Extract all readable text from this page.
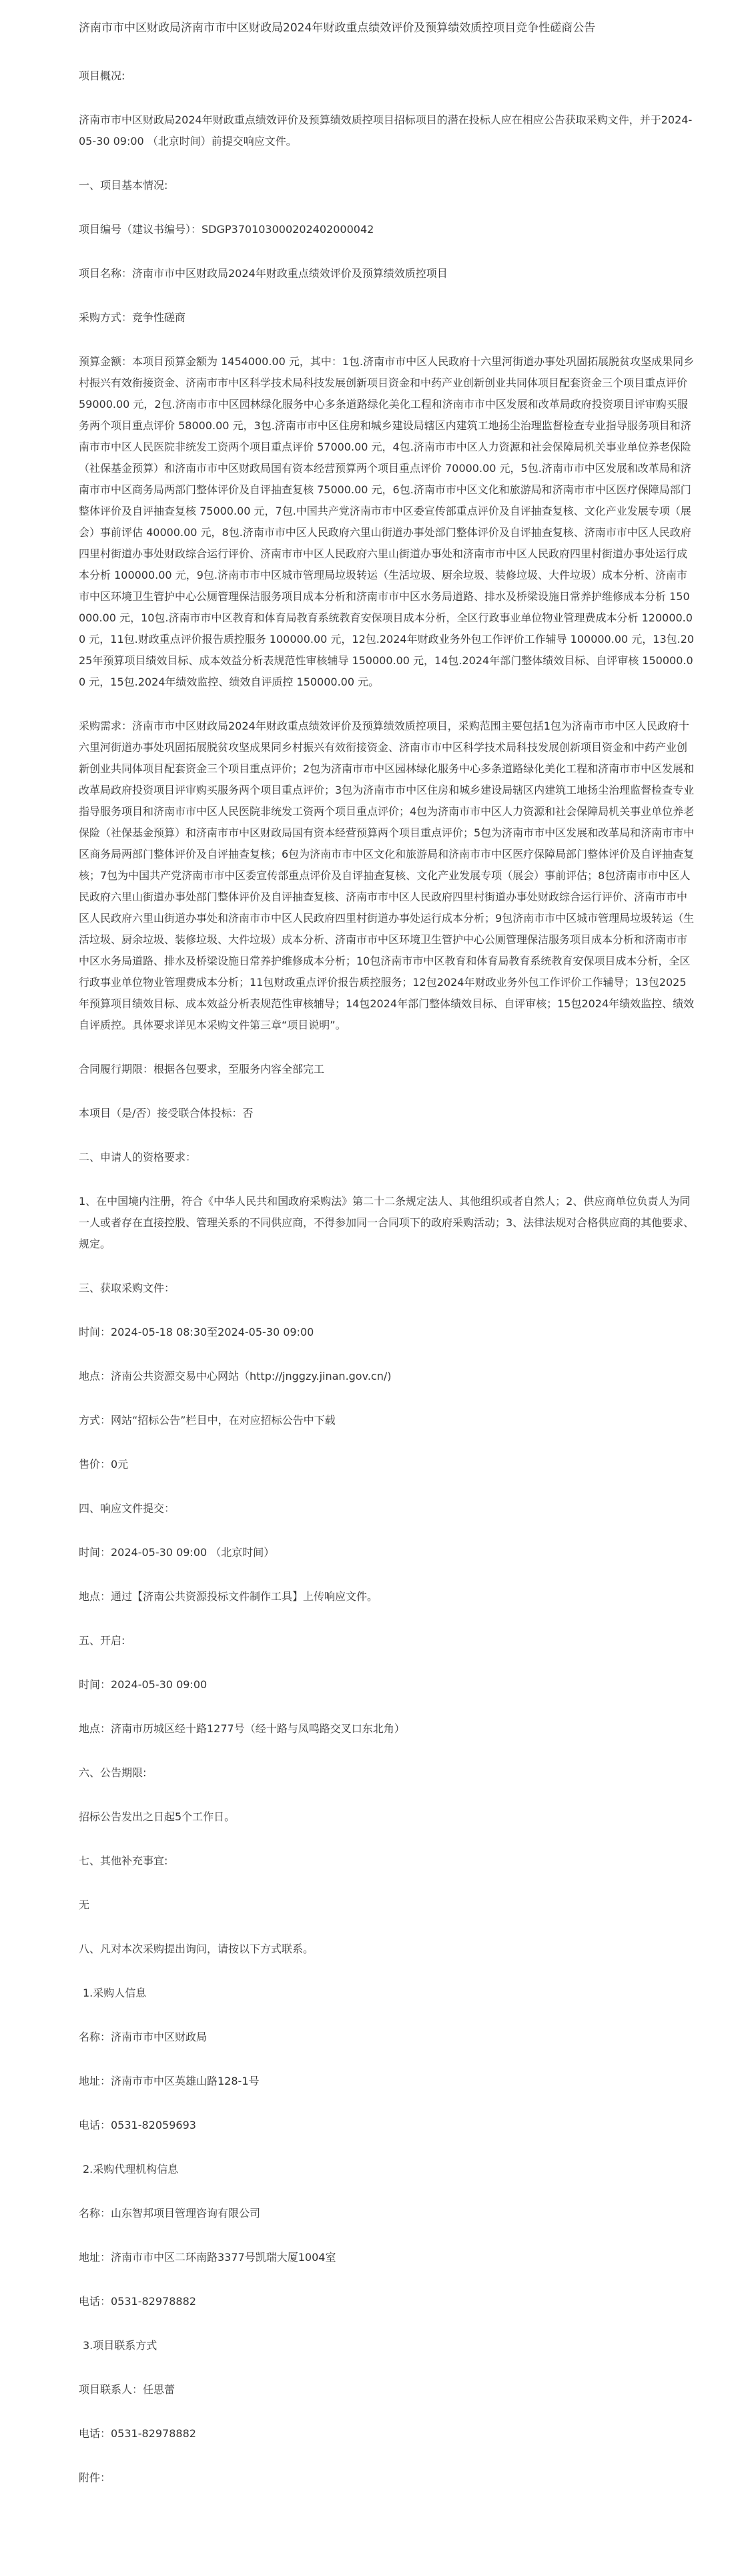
济南市市中区财政局济南市市中区财政局2024年财政重点绩效评价及预算绩效质控项目竞争性磋商公告

项目概况:

济南市市中区财政局2024年财政重点绩效评价及预算绩效质控项目招标项目的潜在投标人应在相应公告获取采购文件，并于2024-05-30 09:00 （北京时间）前提交响应文件。

一、项目基本情况:

项目编号（建议书编号）：SDGP370103000202402000042

项目名称：济南市市中区财政局2024年财政重点绩效评价及预算绩效质控项目

采购方式：竞争性磋商

预算金额：本项目预算金额为 1454000.00 元，其中：1包.济南市市中区人民政府十六里河街道办事处巩固拓展脱贫攻坚成果同乡村振兴有效衔接资金、济南市市中区科学技术局科技发展创新项目资金和中药产业创新创业共同体项目配套资金三个项目重点评价 59000.00 元，2包.济南市市中区园林绿化服务中心多条道路绿化美化工程和济南市市中区发展和改革局政府投资项目评审购买服务两个项目重点评价 58000.00 元，3包.济南市市中区住房和城乡建设局辖区内建筑工地扬尘治理监督检查专业指导服务项目和济南市市中区人民医院非统发工资两个项目重点评价 57000.00 元，4包.济南市市中区人力资源和社会保障局机关事业单位养老保险（社保基金预算）和济南市市中区财政局国有资本经营预算两个项目重点评价 70000.00 元，5包.济南市市中区发展和改革局和济南市市中区商务局两部门整体评价及自评抽查复核 75000.00 元，6包.济南市市中区文化和旅游局和济南市市中区医疗保障局部门整体评价及自评抽查复核 75000.00 元，7包.中国共产党济南市市中区委宣传部重点评价及自评抽查复核、文化产业发展专项（展会）事前评估 40000.00 元，8包.济南市市中区人民政府六里山街道办事处部门整体评价及自评抽查复核、济南市市中区人民政府四里村街道办事处财政综合运行评价、济南市市中区人民政府六里山街道办事处和济南市市中区人民政府四里村街道办事处运行成本分析 100000.00 元，9包.济南市市中区城市管理局垃圾转运（生活垃圾、厨余垃圾、装修垃圾、大件垃圾）成本分析、济南市市中区环境卫生管护中心公厕管理保洁服务项目成本分析和济南市市中区水务局道路、排水及桥梁设施日常养护维修成本分析 150000.00 元，10包.济南市市中区教育和体育局教育系统教育安保项目成本分析，全区行政事业单位物业管理费成本分析 120000.00 元，11包.财政重点评价报告质控服务 100000.00 元，12包.2024年财政业务外包工作评价工作辅导 100000.00 元，13包.2025年预算项目绩效目标、成本效益分析表规范性审核辅导 150000.00 元，14包.2024年部门整体绩效目标、自评审核 150000.00 元，15包.2024年绩效监控、绩效自评质控 150000.00 元。

采购需求：济南市市中区财政局2024年财政重点绩效评价及预算绩效质控项目，采购范围主要包括1包为济南市市中区人民政府十六里河街道办事处巩固拓展脱贫攻坚成果同乡村振兴有效衔接资金、济南市市中区科学技术局科技发展创新项目资金和中药产业创新创业共同体项目配套资金三个项目重点评价；2包为济南市市中区园林绿化服务中心多条道路绿化美化工程和济南市市中区发展和改革局政府投资项目评审购买服务两个项目重点评价；3包为济南市市中区住房和城乡建设局辖区内建筑工地扬尘治理监督检查专业指导服务项目和济南市市中区人民医院非统发工资两个项目重点评价；4包为济南市市中区人力资源和社会保障局机关事业单位养老保险（社保基金预算）和济南市市中区财政局国有资本经营预算两个项目重点评价；5包为济南市市中区发展和改革局和济南市市中区商务局两部门整体评价及自评抽查复核；6包为济南市市中区文化和旅游局和济南市市中区医疗保障局部门整体评价及自评抽查复核；7包为中国共产党济南市市中区委宣传部重点评价及自评抽查复核、文化产业发展专项（展会）事前评估；8包济南市市中区人民政府六里山街道办事处部门整体评价及自评抽查复核、济南市市中区人民政府四里村街道办事处财政综合运行评价、济南市市中区人民政府六里山街道办事处和济南市市中区人民政府四里村街道办事处运行成本分析；9包济南市市中区城市管理局垃圾转运（生活垃圾、厨余垃圾、装修垃圾、大件垃圾）成本分析、济南市市中区环境卫生管护中心公厕管理保洁服务项目成本分析和济南市市中区水务局道路、排水及桥梁设施日常养护维修成本分析；10包济南市市中区教育和体育局教育系统教育安保项目成本分析，全区行政事业单位物业管理费成本分析；11包财政重点评价报告质控服务；12包2024年财政业务外包工作评价工作辅导；13包2025年预算项目绩效目标、成本效益分析表规范性审核辅导；14包2024年部门整体绩效目标、自评审核；15包2024年绩效监控、绩效自评质控。具体要求详见本采购文件第三章“项目说明”。

合同履行期限：根据各包要求，至服务内容全部完工

本项目（是/否）接受联合体投标：否

二、申请人的资格要求：

1、在中国境内注册，符合《中华人民共和国政府采购法》第二十二条规定法人、其他组织或者自然人；2、供应商单位负责人为同一人或者存在直接控股、管理关系的不同供应商，不得参加同一合同项下的政府采购活动；3、法律法规对合格供应商的其他要求、规定。

三、获取采购文件：

时间：2024-05-18 08:30至2024-05-30 09:00

地点：济南公共资源交易中心网站（http://jnggzy.jinan.gov.cn/)

方式：网站“招标公告”栏目中，在对应招标公告中下载

售价：0元

四、响应文件提交：

时间：2024-05-30 09:00 （北京时间）

地点：通过【济南公共资源投标文件制作工具】上传响应文件。

五、开启:

时间：2024-05-30 09:00

地点：济南市历城区经十路1277号（经十路与凤鸣路交叉口东北角）

六、公告期限:

招标公告发出之日起5个工作日。

七、其他补充事宜:

无

八、凡对本次采购提出询问，请按以下方式联系。

1.采购人信息

名称：济南市市中区财政局

地址：济南市市中区英雄山路128-1号

电话：0531-82059693

2.采购代理机构信息

名称：山东智邦项目管理咨询有限公司

地址：济南市市中区二环南路3377号凯瑞大厦1004室

电话：0531-82978882

3.项目联系方式

项目联系人：任思蕾

电话：0531-82978882

附件：
